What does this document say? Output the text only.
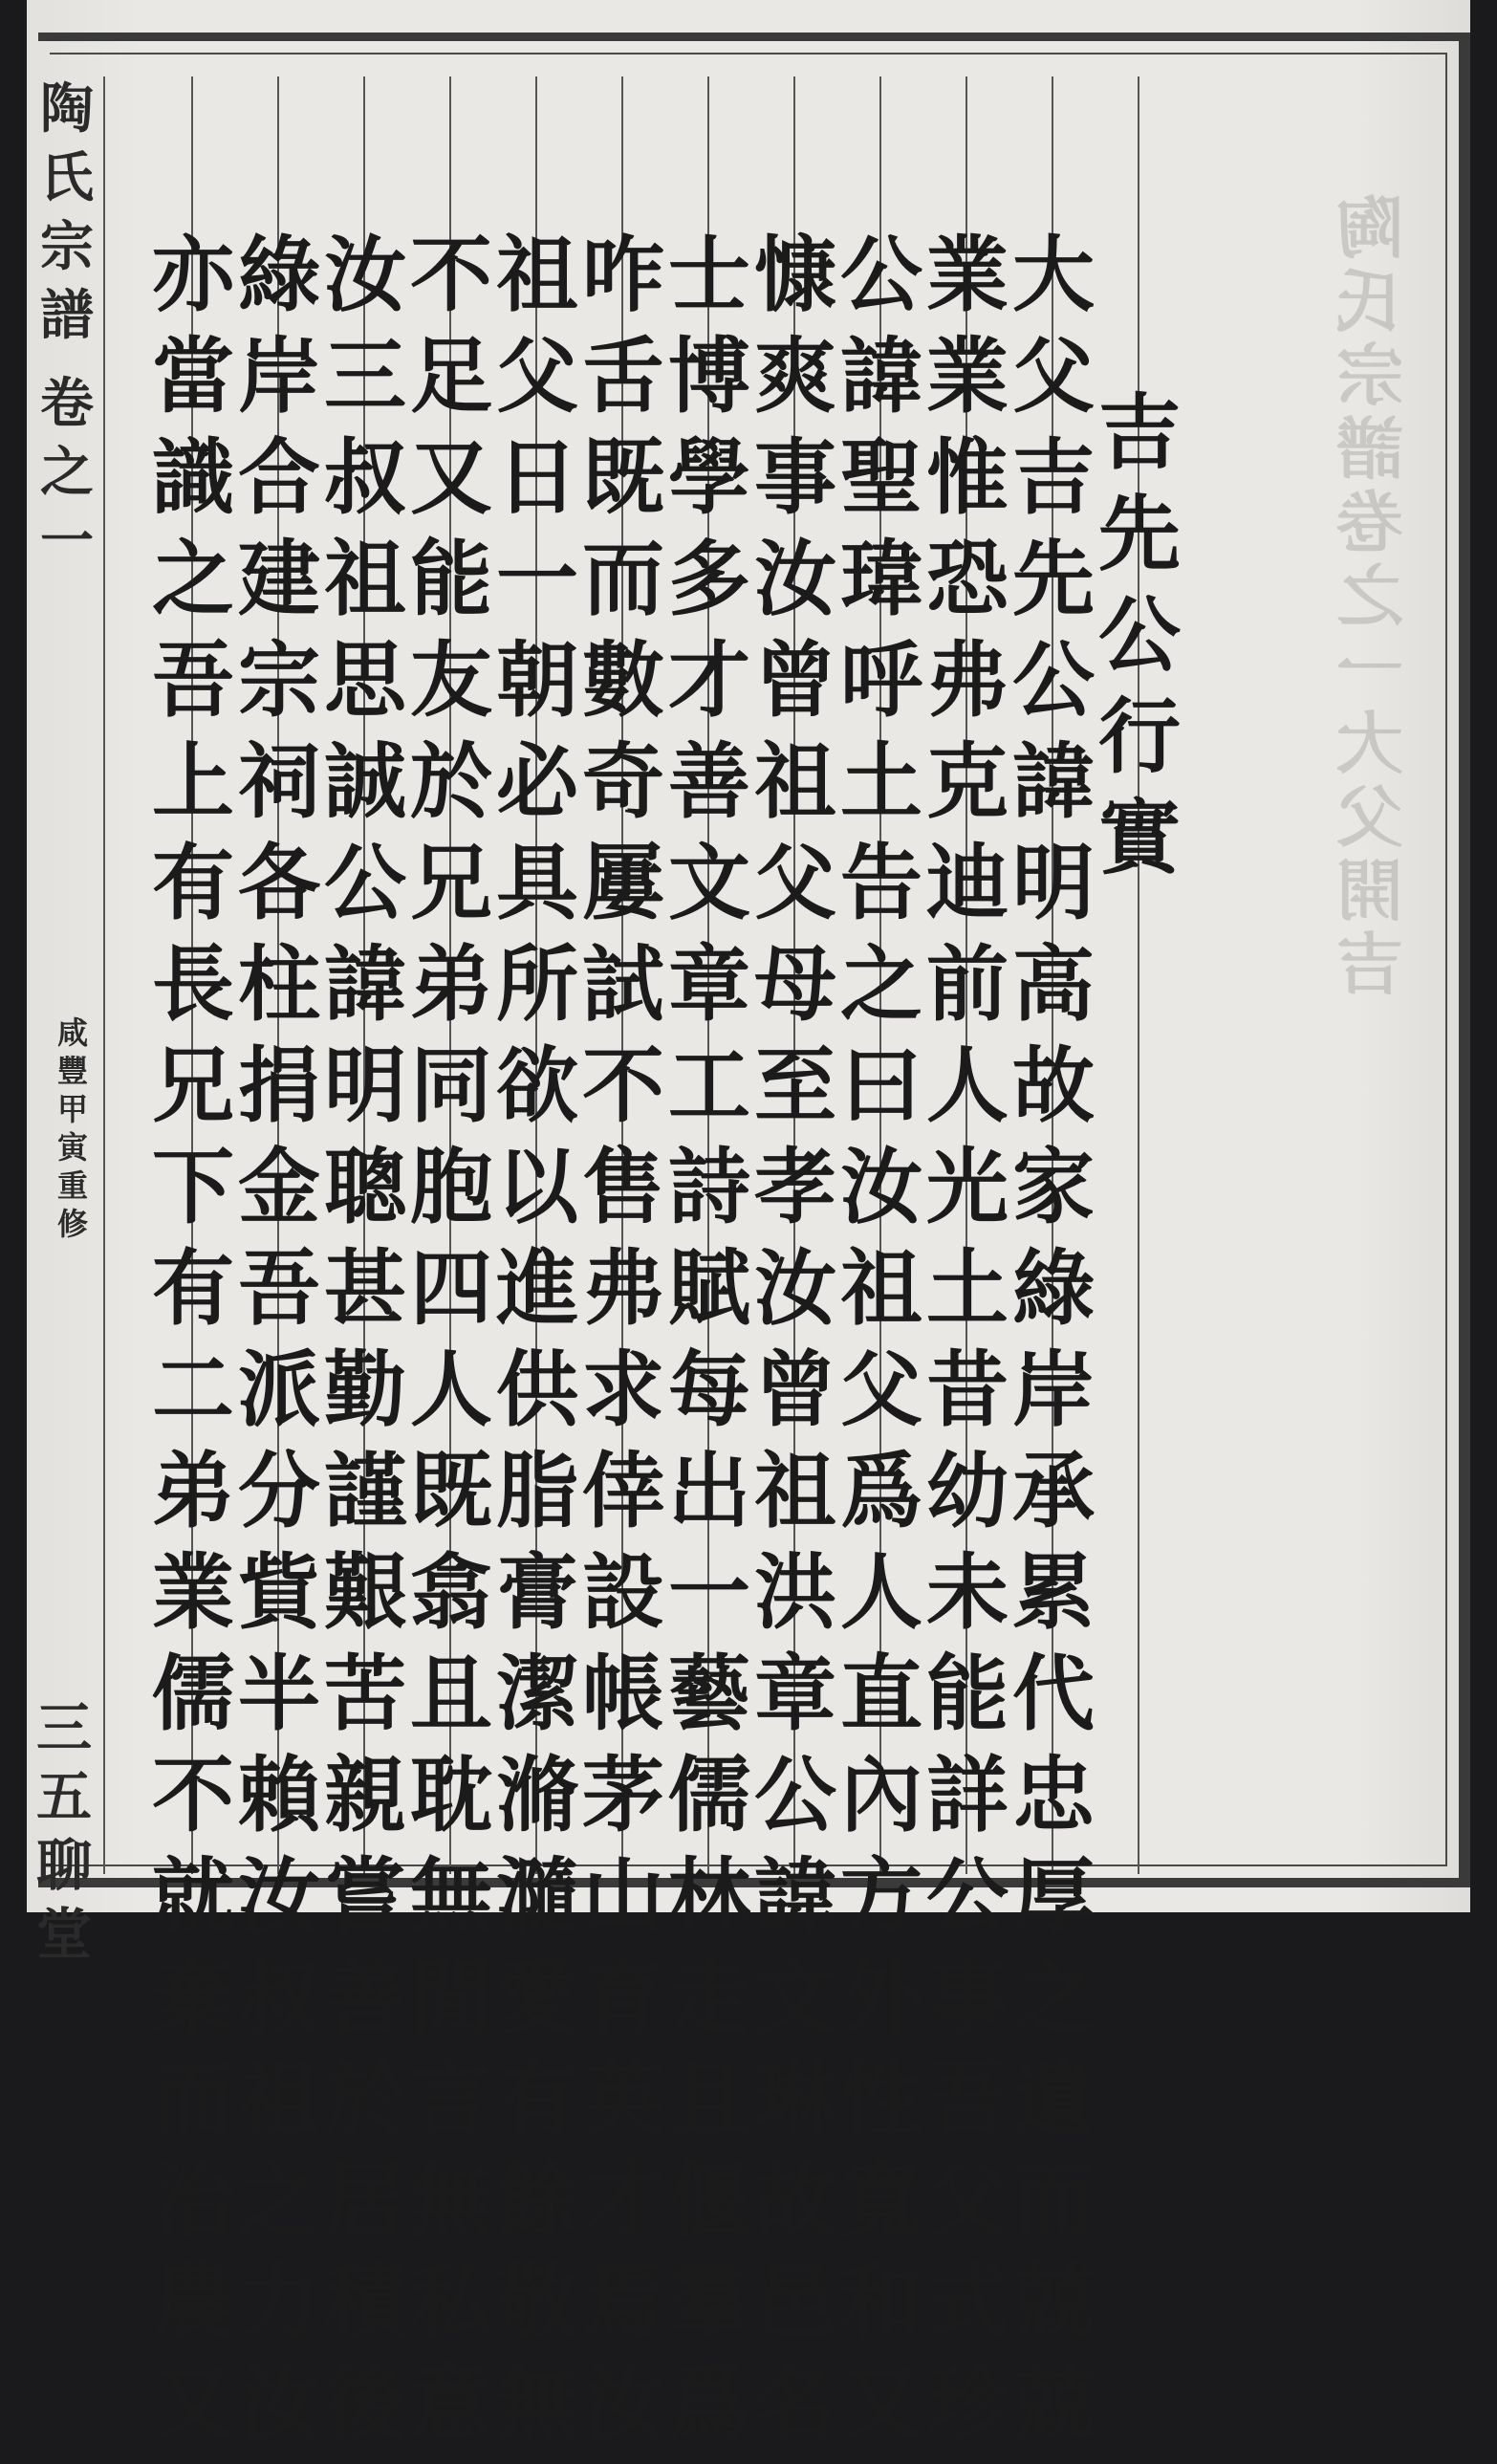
陶
氏
宗
譜
卷
之
一
大
父
開
吉
陶
氏
宗
譜
卷
之
一
咸
豐
甲
寅
重
修
三
五
聊
堂
吉
先
公
行
實
大
父
吉
先
公
諱
明
高
故
家
綠
岸
承
累
代
忠
厚
之
遺
而
兢
兢
業
業
惟
恐
弗
克
迪
前
人
光
土
昔
幼
未
能
詳
公
事
吾
父
式
珍
公
諱
聖
瑋
呼
土
告
之
曰
汝
祖
父
爲
人
直
內
方
外
性
寬
和
又
慷
爽
事
汝
曾
祖
父
母
至
孝
汝
曾
祖
洪
章
公
諱
文
琳
故
邑
名
士
博
學
多
才
善
文
章
工
詩
賦
每
出
一
藝
儒
林
走
且
偃
羣
爲
咋
舌
既
而
數
奇
屢
試
不
售
弗
求
倖
設
帳
茅
山
育
英
才
焉
汝
祖
父
日
一
朝
必
具
所
欲
以
進
供
脂
膏
潔
滫
瀡
愛
有
餘
敬
無
不
足
又
能
友
於
兄
弟
同
胞
四
人
既
翕
且
耽
無
閒
言
無
私
意
汝
三
叔
祖
思
誠
公
諱
明
聰
甚
勤
謹
艱
苦
親
嘗
善
於
居
積
後
綠
岸
合
建
宗
祠
各
柱
捐
金
吾
派
分
貲
半
賴
汝
叔
祖
之
力
汝
亦
當
識
之
吾
上
有
長
兄
下
有
二
弟
業
儒
不
就
棄
而
治
農
又
